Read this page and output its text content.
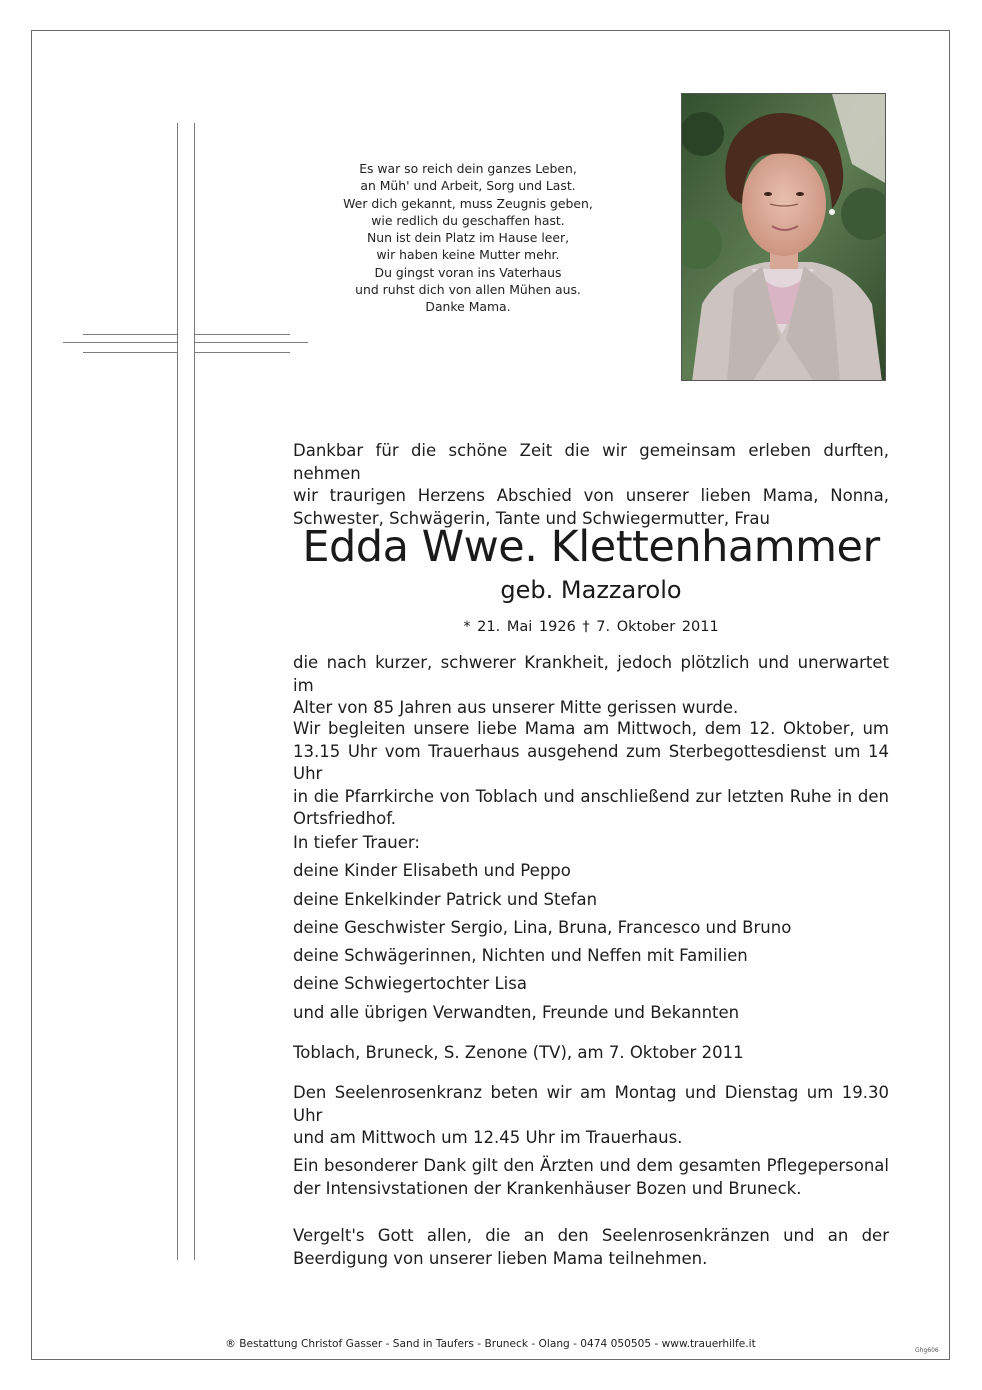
Es war so reich dein ganzes Leben,
an Müh' und Arbeit, Sorg und Last.
Wer dich gekannt, muss Zeugnis geben,
wie redlich du geschaffen hast.
Nun ist dein Platz im Hause leer,
wir haben keine Mutter mehr.
Du gingst voran ins Vaterhaus
und ruhst dich von allen Mühen aus.
Danke Mama.
Dankbar für die schöne Zeit die wir gemeinsam erleben durften, nehmen
wir traurigen Herzens Abschied von unserer lieben Mama, Nonna,
Schwester, Schwägerin, Tante und Schwiegermutter, Frau
Edda Wwe. Klettenhammer
geb. Mazzarolo
* 21. Mai 1926 † 7. Oktober 2011
die nach kurzer, schwerer Krankheit, jedoch plötzlich und unerwartet im
Alter von 85 Jahren aus unserer Mitte gerissen wurde.
Wir begleiten unsere liebe Mama am Mittwoch, dem 12. Oktober, um
13.15 Uhr vom Trauerhaus ausgehend zum Sterbegottesdienst um 14 Uhr
in die Pfarrkirche von Toblach und anschließend zur letzten Ruhe in den
Ortsfriedhof.
In tiefer Trauer:
deine Kinder Elisabeth und Peppo
deine Enkelkinder Patrick und Stefan
deine Geschwister Sergio, Lina, Bruna, Francesco und Bruno
deine Schwägerinnen, Nichten und Neffen mit Familien
deine Schwiegertochter Lisa
und alle übrigen Verwandten, Freunde und Bekannten
Toblach, Bruneck, S. Zenone (TV), am 7. Oktober 2011
Den Seelenrosenkranz beten wir am Montag und Dienstag um 19.30 Uhr
und am Mittwoch um 12.45 Uhr im Trauerhaus.
Ein besonderer Dank gilt den Ärzten und dem gesamten Pflegepersonal
der Intensivstationen der Krankenhäuser Bozen und Bruneck.
Vergelt's Gott allen, die an den Seelenrosenkränzen und an der
Beerdigung von unserer lieben Mama teilnehmen.
® Bestattung Christof Gasser - Sand in Taufers - Bruneck - Olang - 0474 050505 - www.trauerhilfe.it
Ghg606
